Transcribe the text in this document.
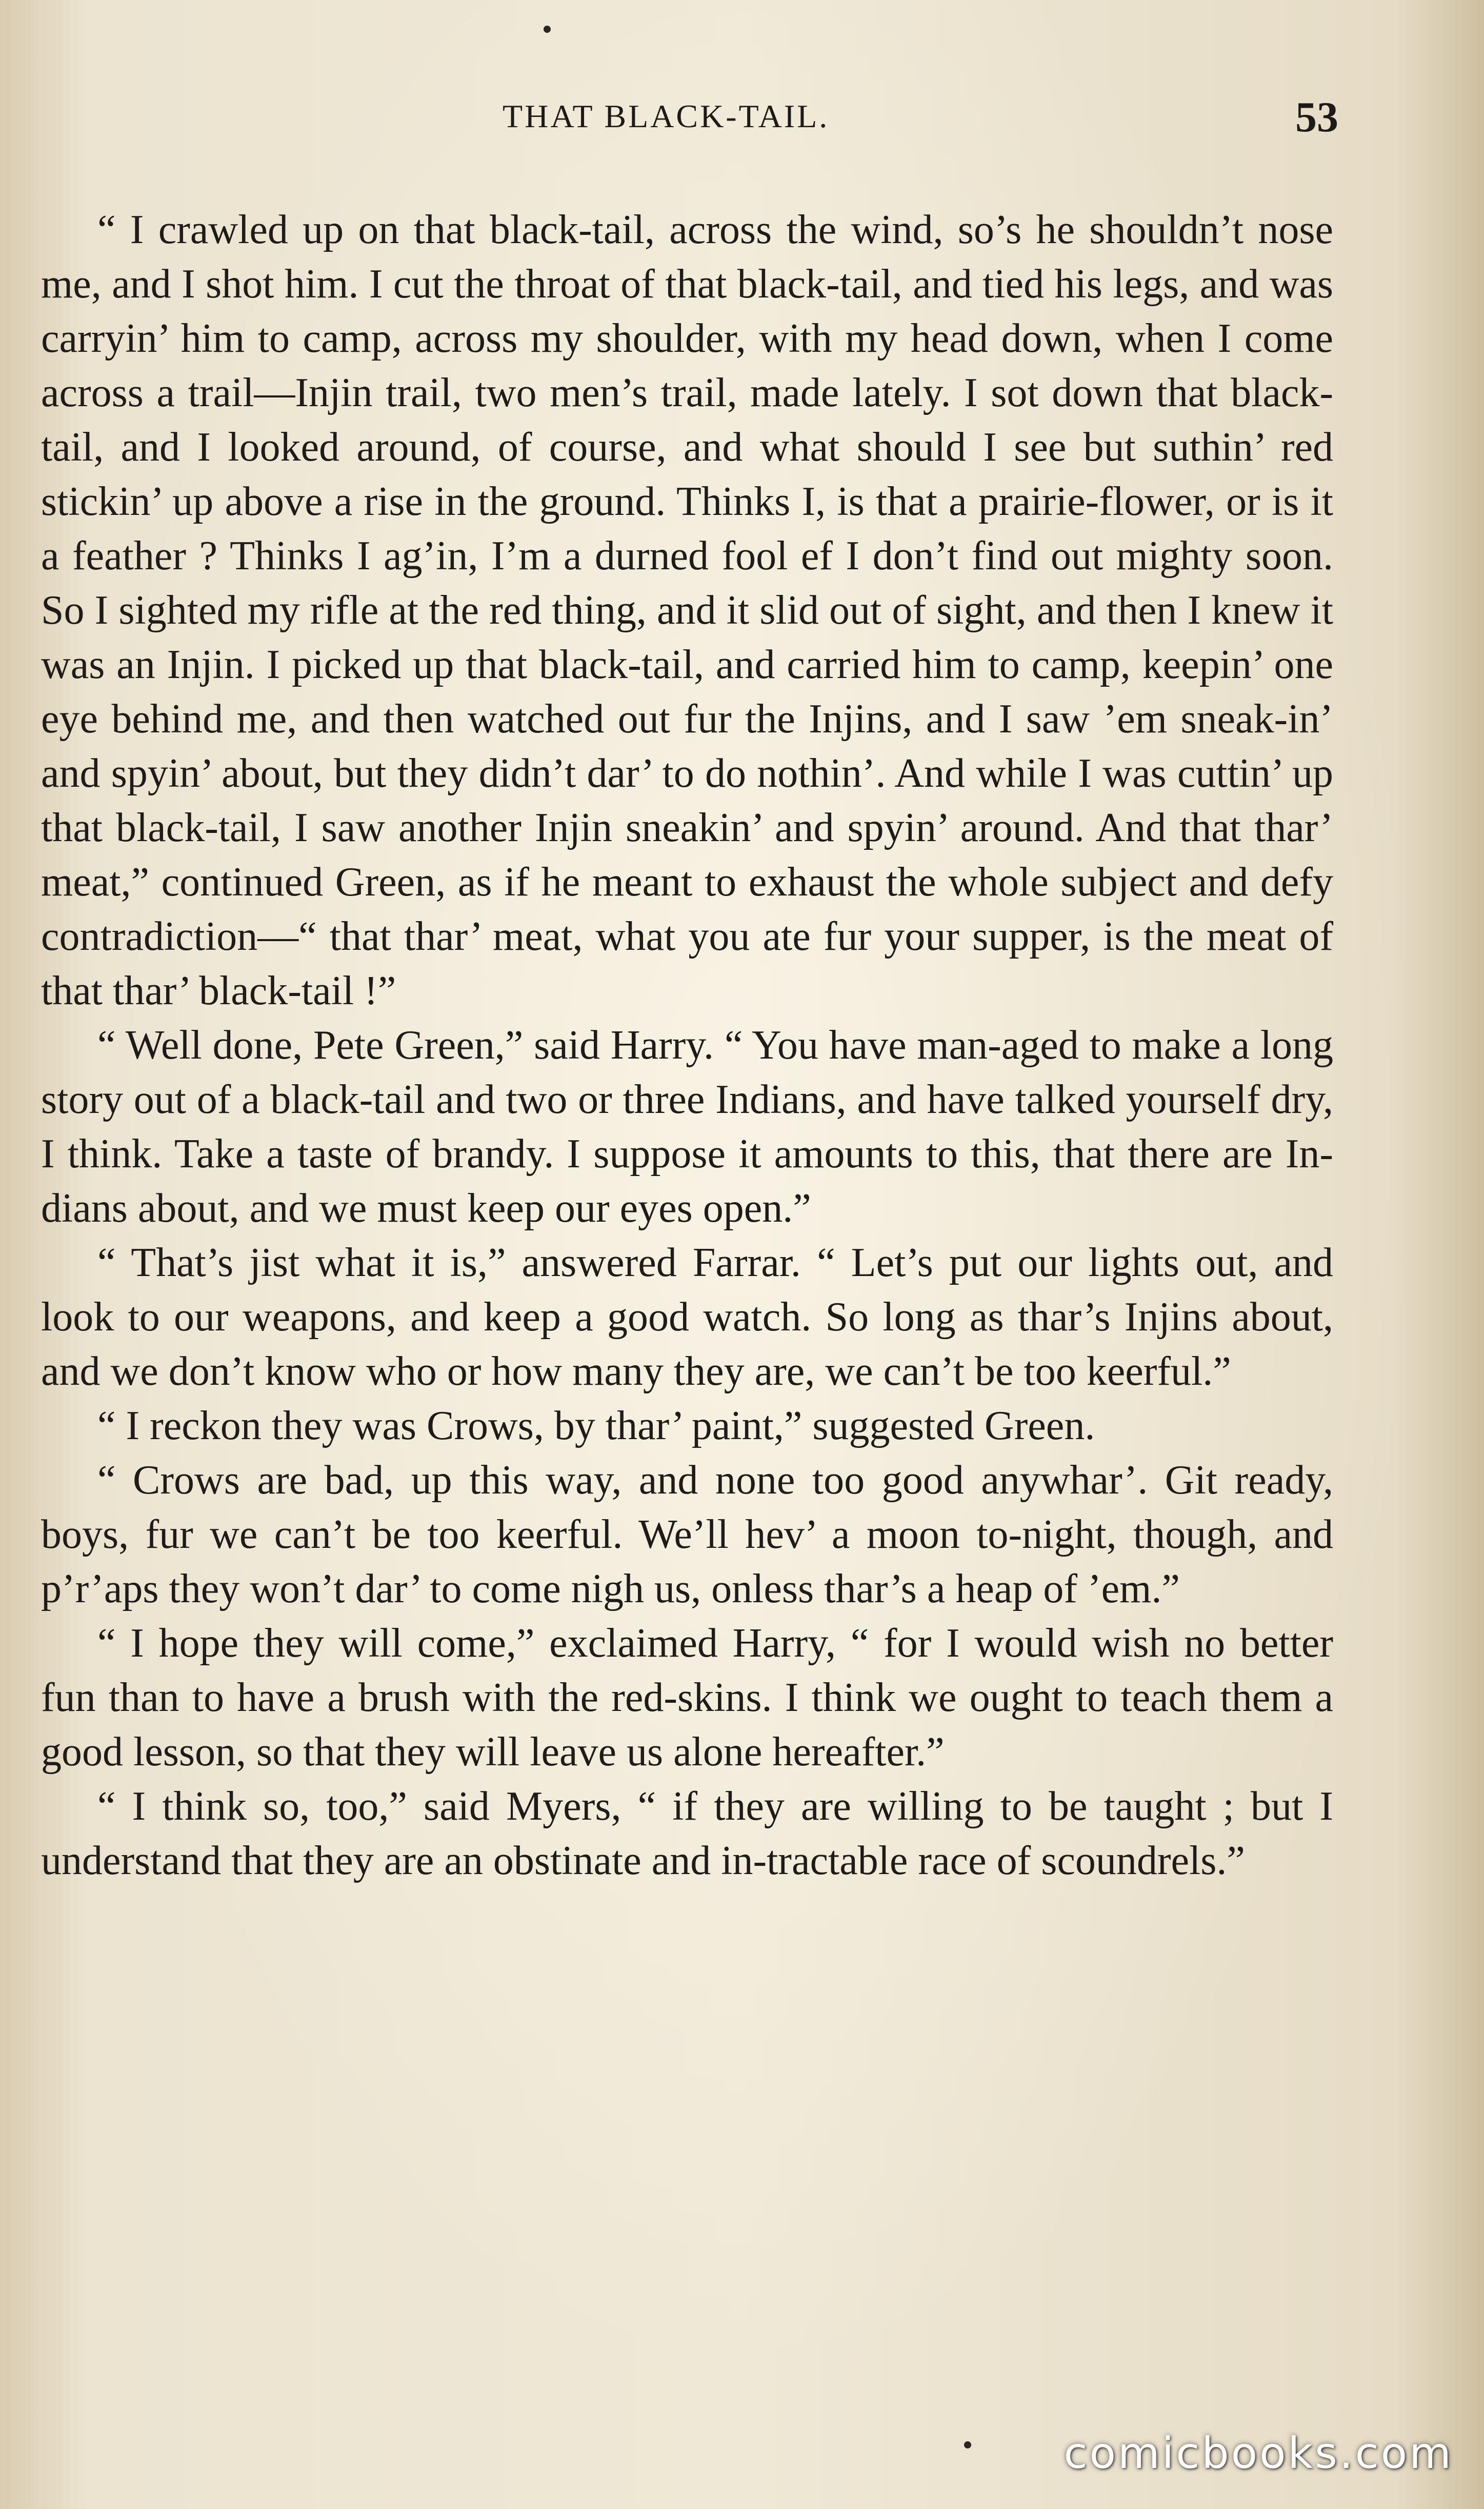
THAT BLACK-TAIL.	53

“ I crawled up on that black-tail, across the wind, so’s he shouldn’t nose me, and I shot him. I cut the throat of that black-tail, and tied his legs, and was carryin’ him to camp, across my shoulder, with my head down, when I come across a trail—Injin trail, two men’s trail, made lately. I sot down that black-tail, and I looked around, of course, and what should I see but suthin’ red stickin’ up above a rise in the ground. Thinks I, is that a prairie-flower, or is it a feather ? Thinks I ag’in, I’m a durned fool ef I don’t find out mighty soon. So I sighted my rifle at the red thing, and it slid out of sight, and then I knew it was an Injin. I picked up that black-tail, and carried him to camp, keepin’ one eye behind me, and then watched out fur the Injins, and I saw ’em sneak-in’ and spyin’ about, but they didn’t dar’ to do nothin’. And while I was cuttin’ up that black-tail, I saw another Injin sneakin’ and spyin’ around. And that thar’ meat,” continued Green, as if he meant to exhaust the whole subject and defy contradiction—“ that thar’ meat, what you ate fur your supper, is the meat of that thar’ black-tail !”

“ Well done, Pete Green,” said Harry. “ You have man-aged to make a long story out of a black-tail and two or three Indians, and have talked yourself dry, I think. Take a taste of brandy. I suppose it amounts to this, that there are In-dians about, and we must keep our eyes open.”

“ That’s jist what it is,” answered Farrar. “ Let’s put our lights out, and look to our weapons, and keep a good watch. So long as thar’s Injins about, and we don’t know who or how many they are, we can’t be too keerful.”

“ I reckon they was Crows, by thar’ paint,” suggested Green.

“ Crows are bad, up this way, and none too good anywhar’. Git ready, boys, fur we can’t be too keerful. We’ll hev’ a moon to-night, though, and p’r’aps they won’t dar’ to come nigh us, onless thar’s a heap of ’em.”

“ I hope they will come,” exclaimed Harry, “ for I would wish no better fun than to have a brush with the red-skins. I think we ought to teach them a good lesson, so that they will leave us alone hereafter.”

“ I think so, too,” said Myers, “ if they are willing to be taught ; but I understand that they are an obstinate and in-tractable race of scoundrels.”

comicbooks.com
